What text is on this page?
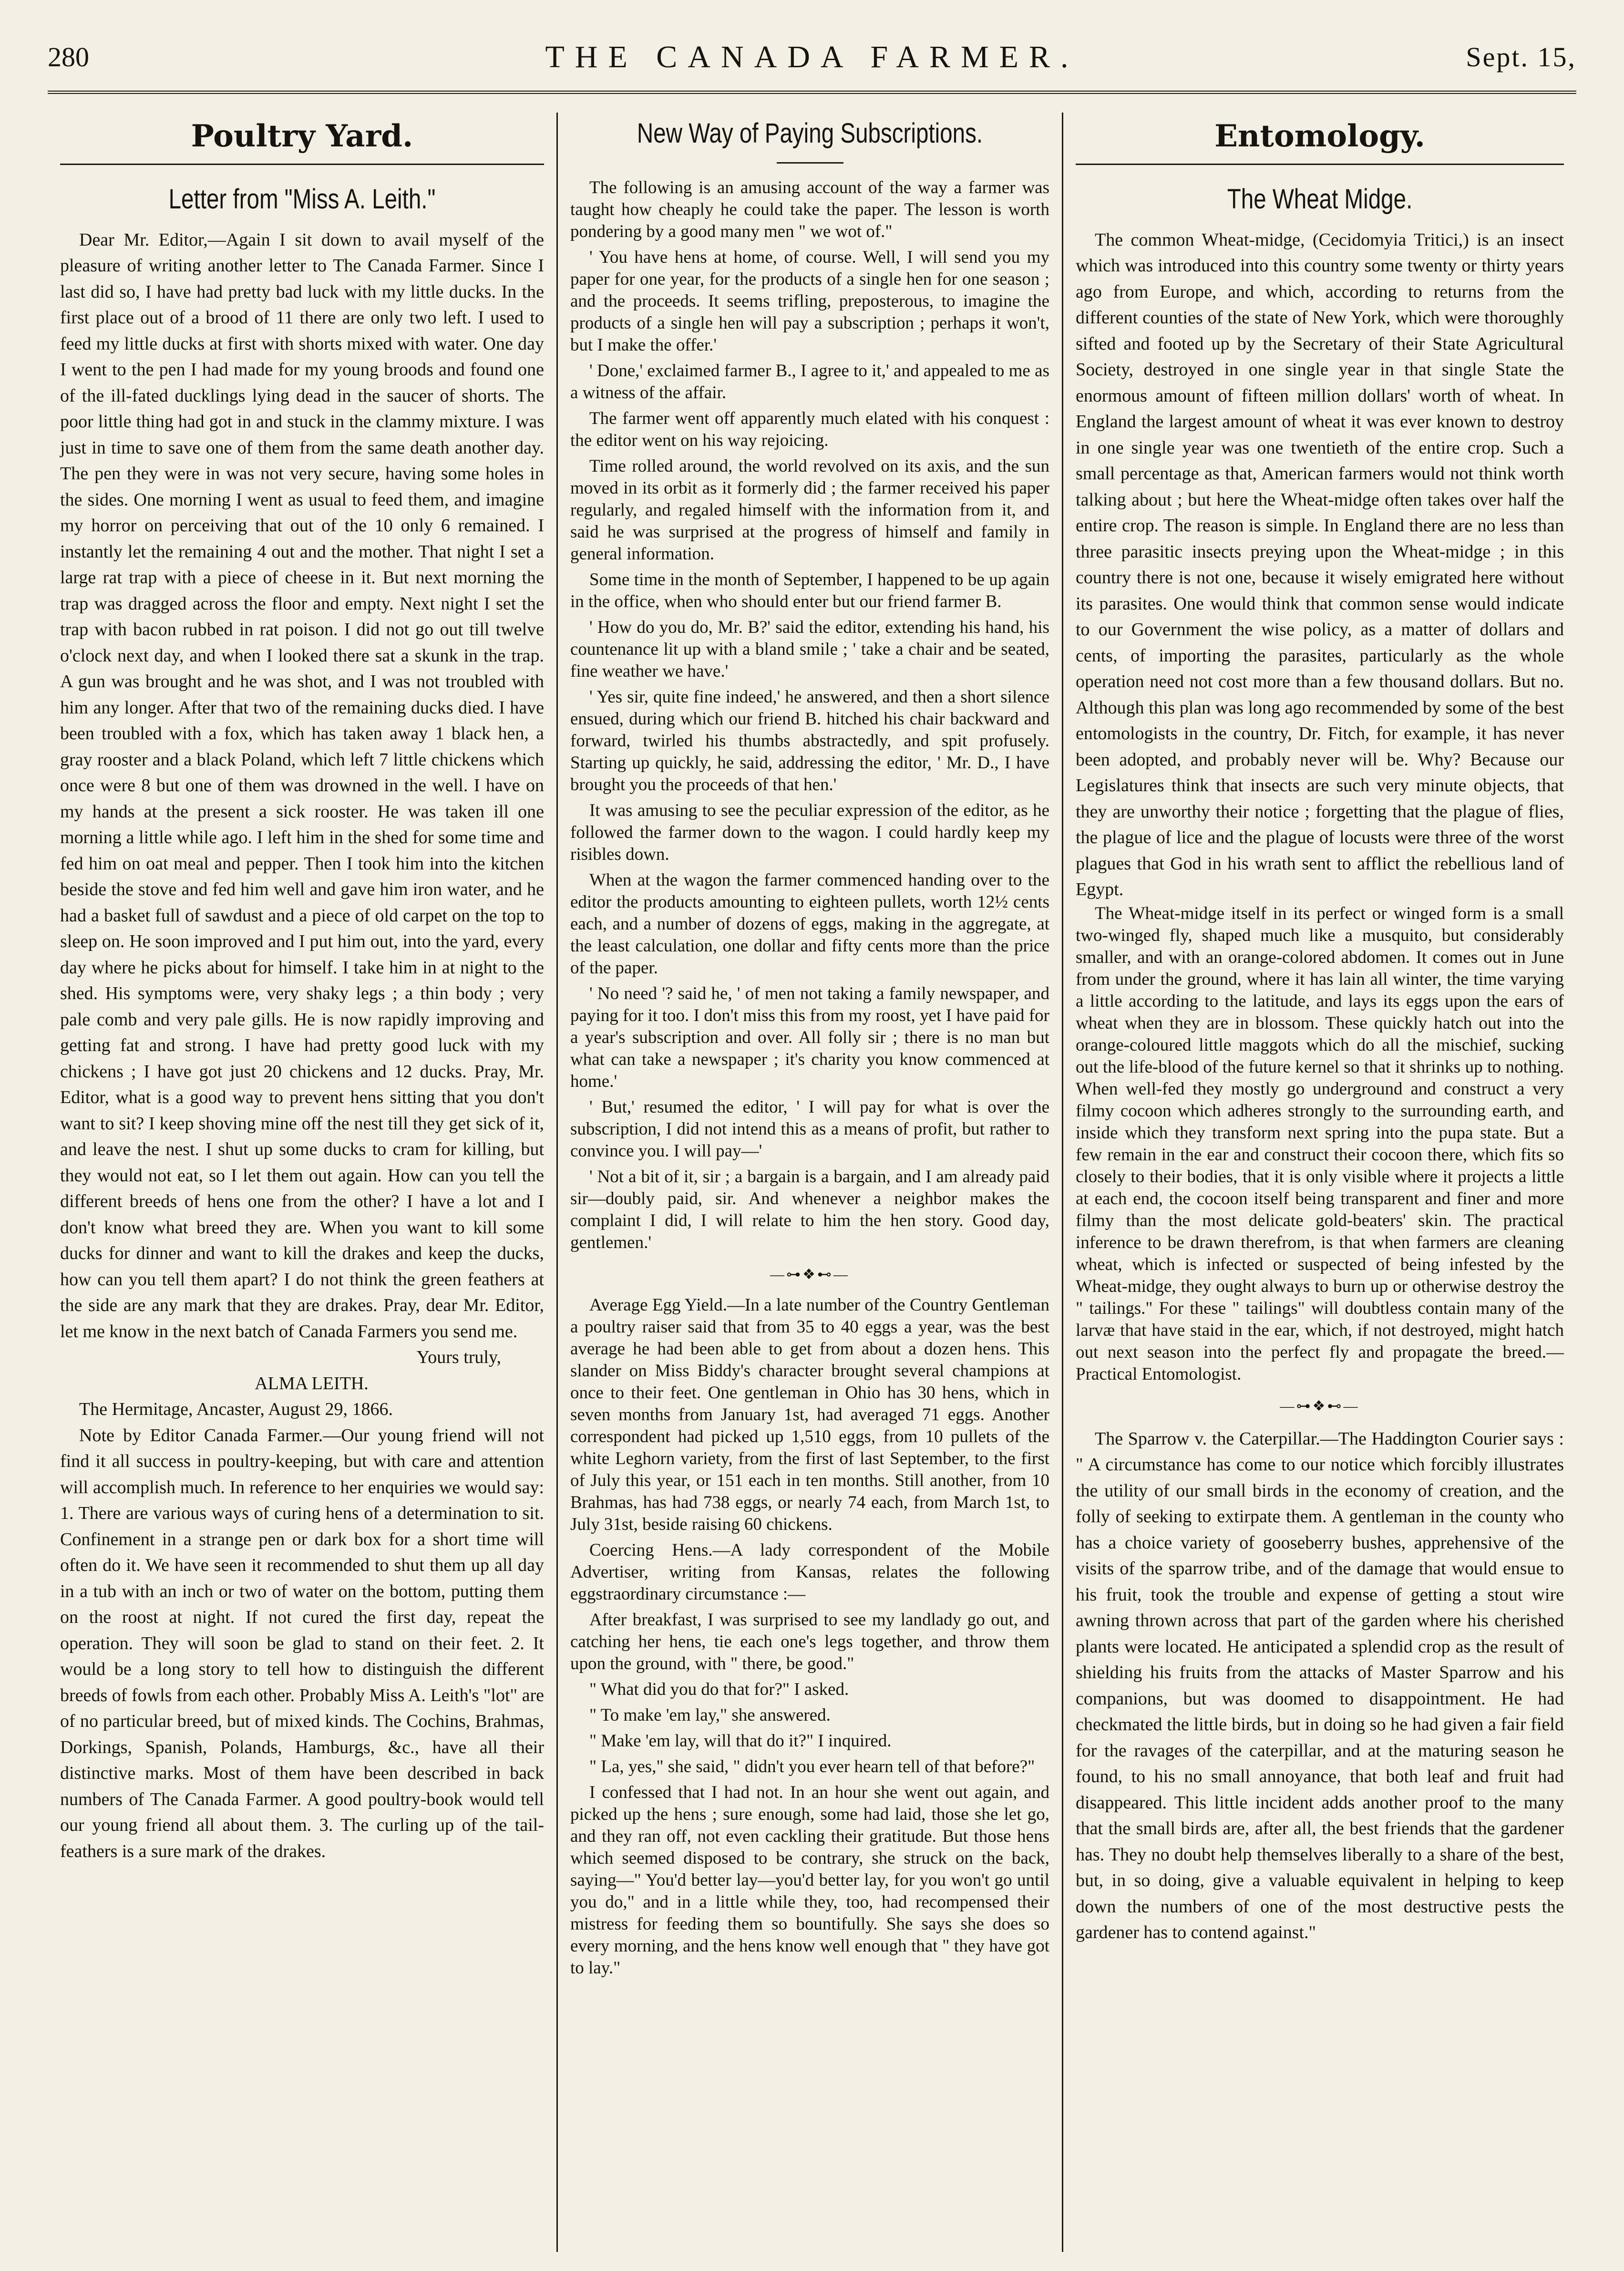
280	THE CANADA FARMER.	Sept. 15,
Poultry Yard.
Letter from "Miss A. Leith."

Dear Mr. Editor,—Again I sit down to avail myself of the pleasure of writing another letter to The Canada Farmer. Since I last did so, I have had pretty bad luck with my little ducks. In the first place out of a brood of 11 there are only two left. I used to feed my little ducks at first with shorts mixed with water. One day I went to the pen I had made for my young broods and found one of the ill-fated ducklings lying dead in the saucer of shorts. The poor little thing had got in and stuck in the clammy mixture. I was just in time to save one of them from the same death another day. The pen they were in was not very secure, having some holes in the sides. One morning I went as usual to feed them, and imagine my horror on perceiving that out of the 10 only 6 remained. I instantly let the remaining 4 out and the mother. That night I set a large rat trap with a piece of cheese in it. But next morning the trap was dragged across the floor and empty. Next night I set the trap with bacon rubbed in rat poison. I did not go out till twelve o'clock next day, and when I looked there sat a skunk in the trap. A gun was brought and he was shot, and I was not troubled with him any longer. After that two of the remaining ducks died. I have been troubled with a fox, which has taken away 1 black hen, a gray rooster and a black Poland, which left 7 little chickens which once were 8 but one of them was drowned in the well. I have on my hands at the present a sick rooster. He was taken ill one morning a little while ago. I left him in the shed for some time and fed him on oat meal and pepper. Then I took him into the kitchen beside the stove and fed him well and gave him iron water, and he had a basket full of sawdust and a piece of old carpet on the top to sleep on. He soon improved and I put him out, into the yard, every day where he picks about for himself. I take him in at night to the shed. His symptoms were, very shaky legs ; a thin body ; very pale comb and very pale gills. He is now rapidly improving and getting fat and strong. I have had pretty good luck with my chickens ; I have got just 20 chickens and 12 ducks. Pray, Mr. Editor, what is a good way to prevent hens sitting that you don't want to sit? I keep shoving mine off the nest till they get sick of it, and leave the nest. I shut up some ducks to cram for killing, but they would not eat, so I let them out again. How can you tell the different breeds of hens one from the other? I have a lot and I don't know what breed they are. When you want to kill some ducks for dinner and want to kill the drakes and keep the ducks, how can you tell them apart? I do not think the green feathers at the side are any mark that they are drakes. Pray, dear Mr. Editor, let me know in the next batch of Canada Farmers you send me.

Yours truly,

ALMA LEITH.

The Hermitage, Ancaster, August 29, 1866.

Note by Editor Canada Farmer.—Our young friend will not find it all success in poultry-keeping, but with care and attention will accomplish much. In reference to her enquiries we would say: 1. There are various ways of curing hens of a determination to sit. Confinement in a strange pen or dark box for a short time will often do it. We have seen it recommended to shut them up all day in a tub with an inch or two of water on the bottom, putting them on the roost at night. If not cured the first day, repeat the operation. They will soon be glad to stand on their feet. 2. It would be a long story to tell how to distinguish the different breeds of fowls from each other. Probably Miss A. Leith's "lot" are of no particular breed, but of mixed kinds. The Cochins, Brahmas, Dorkings, Spanish, Polands, Hamburgs, &c., have all their distinctive marks. Most of them have been described in back numbers of The Canada Farmer. A good poultry-book would tell our young friend all about them. 3. The curling up of the tail-feathers is a sure mark of the drakes.

New Way of Paying Subscriptions.

The following is an amusing account of the way a farmer was taught how cheaply he could take the paper. The lesson is worth pondering by a good many men " we wot of."

' You have hens at home, of course. Well, I will send you my paper for one year, for the products of a single hen for one season ; and the proceeds. It seems trifling, preposterous, to imagine the products of a single hen will pay a subscription ; perhaps it won't, but I make the offer.'

' Done,' exclaimed farmer B., I agree to it,' and appealed to me as a witness of the affair.

The farmer went off apparently much elated with his conquest : the editor went on his way rejoicing.

Time rolled around, the world revolved on its axis, and the sun moved in its orbit as it formerly did ; the farmer received his paper regularly, and regaled himself with the information from it, and said he was surprised at the progress of himself and family in general information.

Some time in the month of September, I happened to be up again in the office, when who should enter but our friend farmer B.

' How do you do, Mr. B?' said the editor, extending his hand, his countenance lit up with a bland smile ; ' take a chair and be seated, fine weather we have.'

' Yes sir, quite fine indeed,' he answered, and then a short silence ensued, during which our friend B. hitched his chair backward and forward, twirled his thumbs abstractedly, and spit profusely. Starting up quickly, he said, addressing the editor, ' Mr. D., I have brought you the proceeds of that hen.'

It was amusing to see the peculiar expression of the editor, as he followed the farmer down to the wagon. I could hardly keep my risibles down.

When at the wagon the farmer commenced handing over to the editor the products amounting to eighteen pullets, worth 12½ cents each, and a number of dozens of eggs, making in the aggregate, at the least calculation, one dollar and fifty cents more than the price of the paper.

' No need '? said he, ' of men not taking a family newspaper, and paying for it too. I don't miss this from my roost, yet I have paid for a year's subscription and over. All folly sir ; there is no man but what can take a newspaper ; it's charity you know commenced at home.'

' But,' resumed the editor, ' I will pay for what is over the subscription, I did not intend this as a means of profit, but rather to convince you. I will pay—'

' Not a bit of it, sir ; a bargain is a bargain, and I am already paid sir—doubly paid, sir. And whenever a neighbor makes the complaint I did, I will relate to him the hen story. Good day, gentlemen.'

—⊶❖⊷—

Average Egg Yield.—In a late number of the Country Gentleman a poultry raiser said that from 35 to 40 eggs a year, was the best average he had been able to get from about a dozen hens. This slander on Miss Biddy's character brought several champions at once to their feet. One gentleman in Ohio has 30 hens, which in seven months from January 1st, had averaged 71 eggs. Another correspondent had picked up 1,510 eggs, from 10 pullets of the white Leghorn variety, from the first of last September, to the first of July this year, or 151 each in ten months. Still another, from 10 Brahmas, has had 738 eggs, or nearly 74 each, from March 1st, to July 31st, beside raising 60 chickens.

Coercing Hens.—A lady correspondent of the Mobile Advertiser, writing from Kansas, relates the following eggstraordinary circumstance :—

After breakfast, I was surprised to see my landlady go out, and catching her hens, tie each one's legs together, and throw them upon the ground, with " there, be good."

" What did you do that for?" I asked.

" To make 'em lay," she answered.

" Make 'em lay, will that do it?" I inquired.

" La, yes," she said, " didn't you ever hearn tell of that before?"

I confessed that I had not. In an hour she went out again, and picked up the hens ; sure enough, some had laid, those she let go, and they ran off, not even cackling their gratitude. But those hens which seemed disposed to be contrary, she struck on the back, saying—" You'd better lay—you'd better lay, for you won't go until you do," and in a little while they, too, had recompensed their mistress for feeding them so bountifully. She says she does so every morning, and the hens know well enough that " they have got to lay."

Entomology.
The Wheat Midge.

The common Wheat-midge, (Cecidomyia Tritici,) is an insect which was introduced into this country some twenty or thirty years ago from Europe, and which, according to returns from the different counties of the state of New York, which were thoroughly sifted and footed up by the Secretary of their State Agricultural Society, destroyed in one single year in that single State the enormous amount of fifteen million dollars' worth of wheat. In England the largest amount of wheat it was ever known to destroy in one single year was one twentieth of the entire crop. Such a small percentage as that, American farmers would not think worth talking about ; but here the Wheat-midge often takes over half the entire crop. The reason is simple. In England there are no less than three parasitic insects preying upon the Wheat-midge ; in this country there is not one, because it wisely emigrated here without its parasites. One would think that common sense would indicate to our Government the wise policy, as a matter of dollars and cents, of importing the parasites, particularly as the whole operation need not cost more than a few thousand dollars. But no. Although this plan was long ago recommended by some of the best entomologists in the country, Dr. Fitch, for example, it has never been adopted, and probably never will be. Why? Because our Legislatures think that insects are such very minute objects, that they are unworthy their notice ; forgetting that the plague of flies, the plague of lice and the plague of locusts were three of the worst plagues that God in his wrath sent to afflict the rebellious land of Egypt.

The Wheat-midge itself in its perfect or winged form is a small two-winged fly, shaped much like a musquito, but considerably smaller, and with an orange-colored abdomen. It comes out in June from under the ground, where it has lain all winter, the time varying a little according to the latitude, and lays its eggs upon the ears of wheat when they are in blossom. These quickly hatch out into the orange-coloured little maggots which do all the mischief, sucking out the life-blood of the future kernel so that it shrinks up to nothing. When well-fed they mostly go underground and construct a very filmy cocoon which adheres strongly to the surrounding earth, and inside which they transform next spring into the pupa state. But a few remain in the ear and construct their cocoon there, which fits so closely to their bodies, that it is only visible where it projects a little at each end, the cocoon itself being transparent and finer and more filmy than the most delicate gold-beaters' skin. The practical inference to be drawn therefrom, is that when farmers are cleaning wheat, which is infected or suspected of being infested by the Wheat-midge, they ought always to burn up or otherwise destroy the " tailings." For these " tailings" will doubtless contain many of the larvæ that have staid in the ear, which, if not destroyed, might hatch out next season into the perfect fly and propagate the breed.—Practical Entomologist.

—⊶❖⊷—

The Sparrow v. the Caterpillar.—The Haddington Courier says : " A circumstance has come to our notice which forcibly illustrates the utility of our small birds in the economy of creation, and the folly of seeking to extirpate them. A gentleman in the county who has a choice variety of gooseberry bushes, apprehensive of the visits of the sparrow tribe, and of the damage that would ensue to his fruit, took the trouble and expense of getting a stout wire awning thrown across that part of the garden where his cherished plants were located. He anticipated a splendid crop as the result of shielding his fruits from the attacks of Master Sparrow and his companions, but was doomed to disappointment. He had checkmated the little birds, but in doing so he had given a fair field for the ravages of the caterpillar, and at the maturing season he found, to his no small annoyance, that both leaf and fruit had disappeared. This little incident adds another proof to the many that the small birds are, after all, the best friends that the gardener has. They no doubt help themselves liberally to a share of the best, but, in so doing, give a valuable equivalent in helping to keep down the numbers of one of the most destructive pests the gardener has to contend against."
